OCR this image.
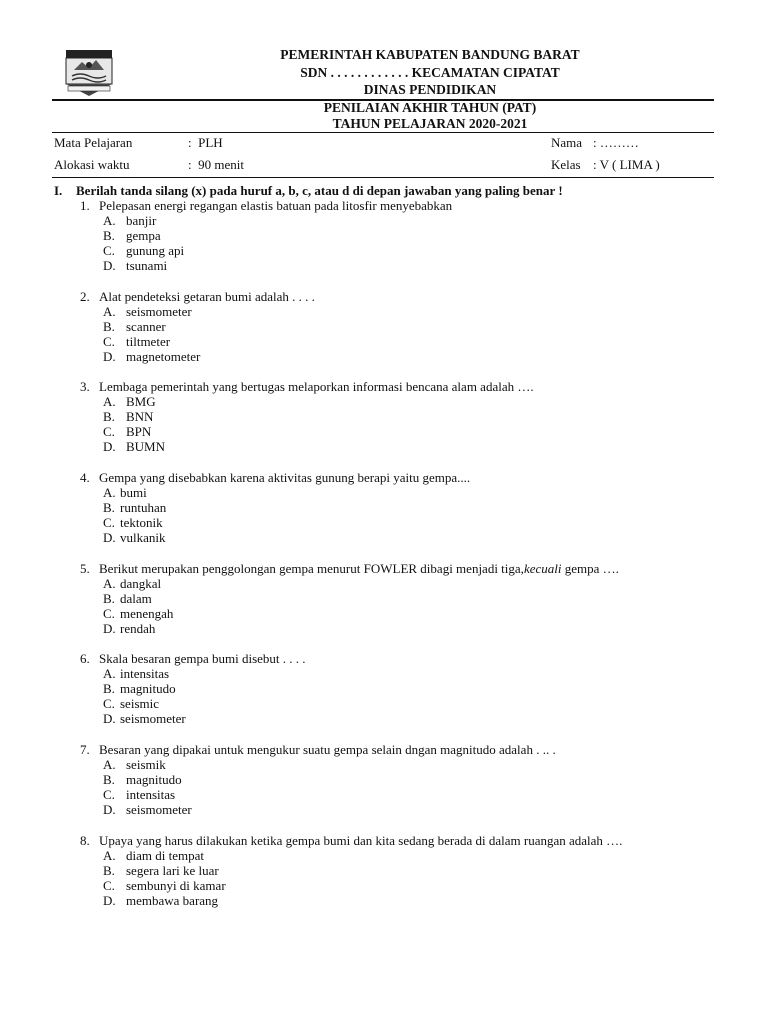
PEMERINTAH KABUPATEN BANDUNG BARAT
SDN . . . . . . . . . . . . KECAMATAN CIPATAT
DINAS PENDIDIKAN
PENILAIAN AKHIR TAHUN (PAT)
TAHUN PELAJARAN 2020-2021
Mata Pelajaran	:  PLH	Nama : ………
Alokasi waktu	:  90 menit	Kelas : V ( LIMA )
I. Berilah tanda silang (x) pada huruf a, b, c, atau d di depan jawaban yang paling benar !
1. Pelepasan energi regangan elastis batuan pada litosfir menyebabkan
A. banjir
B. gempa
C. gunung api
D. tsunami
2. Alat pendeteksi getaran bumi adalah . . . .
A. seismometer
B. scanner
C. tiltmeter
D. magnetometer
3. Lembaga pemerintah yang bertugas melaporkan informasi bencana alam adalah ….
A. BMG
B. BNN
C. BPN
D. BUMN
4. Gempa yang disebabkan karena aktivitas gunung berapi yaitu gempa....
A. bumi
B. runtuhan
C. tektonik
D. vulkanik
5. Berikut merupakan penggolongan gempa menurut FOWLER dibagi menjadi tiga,kecuali gempa ….
A. dangkal
B. dalam
C. menengah
D. rendah
6. Skala besaran gempa bumi disebut . . . .
A. intensitas
B. magnitudo
C. seismic
D. seismometer
7. Besaran yang dipakai untuk mengukur suatu gempa selain dngan magnitudo adalah . .. .
A. seismik
B. magnitudo
C. intensitas
D. seismometer
8. Upaya yang harus dilakukan ketika gempa bumi dan kita sedang berada di dalam ruangan adalah ….
A. diam di tempat
B. segera lari ke luar
C. sembunyi di kamar
D. membawa barang
